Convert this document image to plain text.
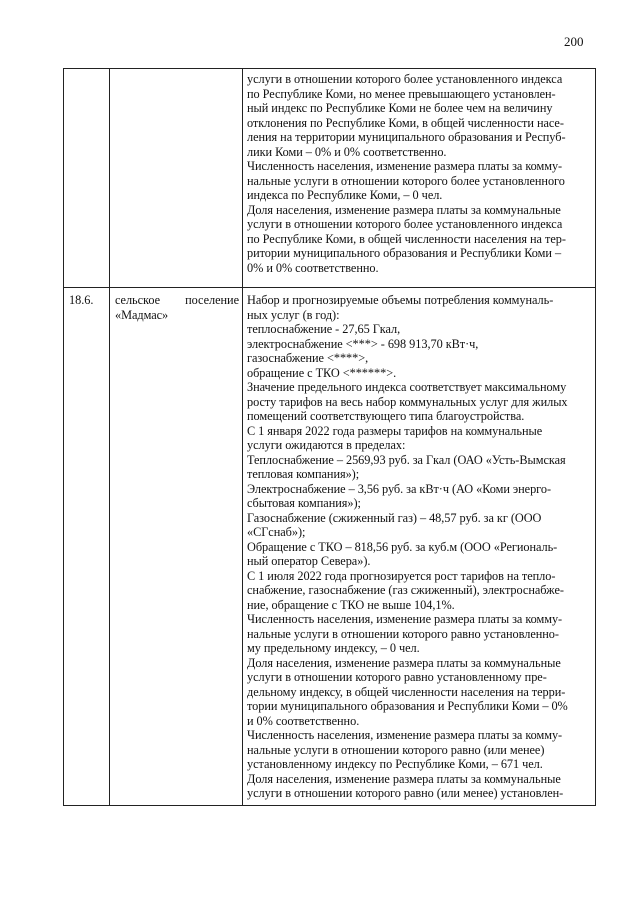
200
услуги в отношении которого более установленного индекса
по Республике Коми, но менее превышающего установлен-
ный индекс по Республике Коми не более чем на величину
отклонения по Республике Коми, в общей численности насе-
ления на территории муниципального образования и Респуб-
лики Коми – 0% и 0% соответственно.
Численность населения, изменение размера платы за комму-
нальные услуги в отношении которого более установленного
индекса по Республике Коми, – 0 чел.
Доля населения, изменение размера платы за коммунальные
услуги в отношении которого более установленного индекса
по Республике Коми, в общей численности населения на тер-
ритории муниципального образования и Республики Коми –
0% и 0% соответственно.
18.6. сельское поселение
«Мадмас»
Набор и прогнозируемые объемы потребления коммуналь-
ных услуг (в год):
теплоснабжение - 27,65 Гкал,
электроснабжение <***> - 698 913,70 кВт·ч,
газоснабжение <****>,
обращение с ТКО <******>.
Значение предельного индекса соответствует максимальному
росту тарифов на весь набор коммунальных услуг для жилых
помещений соответствующего типа благоустройства.
С 1 января 2022 года размеры тарифов на коммунальные
услуги ожидаются в пределах:
Теплоснабжение – 2569,93 руб. за Гкал (ОАО «Усть-Вымская
тепловая компания»);
Электроснабжение – 3,56 руб. за кВт·ч (АО «Коми энерго-
сбытовая компания»);
Газоснабжение (сжиженный газ) – 48,57 руб. за кг (ООО
«СГснаб»);
Обращение с ТКО – 818,56 руб. за куб.м (ООО «Региональ-
ный оператор Севера»).
С 1 июля 2022 года прогнозируется рост тарифов на тепло-
снабжение, газоснабжение (газ сжиженный), электроснабже-
ние, обращение с ТКО не выше 104,1%.
Численность населения, изменение размера платы за комму-
нальные услуги в отношении которого равно установленно-
му предельному индексу, – 0 чел.
Доля населения, изменение размера платы за коммунальные
услуги в отношении которого равно установленному пре-
дельному индексу, в общей численности населения на терри-
тории муниципального образования и Республики Коми – 0%
и 0% соответственно.
Численность населения, изменение размера платы за комму-
нальные услуги в отношении которого равно (или менее)
установленному индексу по Республике Коми, – 671 чел.
Доля населения, изменение размера платы за коммунальные
услуги в отношении которого равно (или менее) установлен-
